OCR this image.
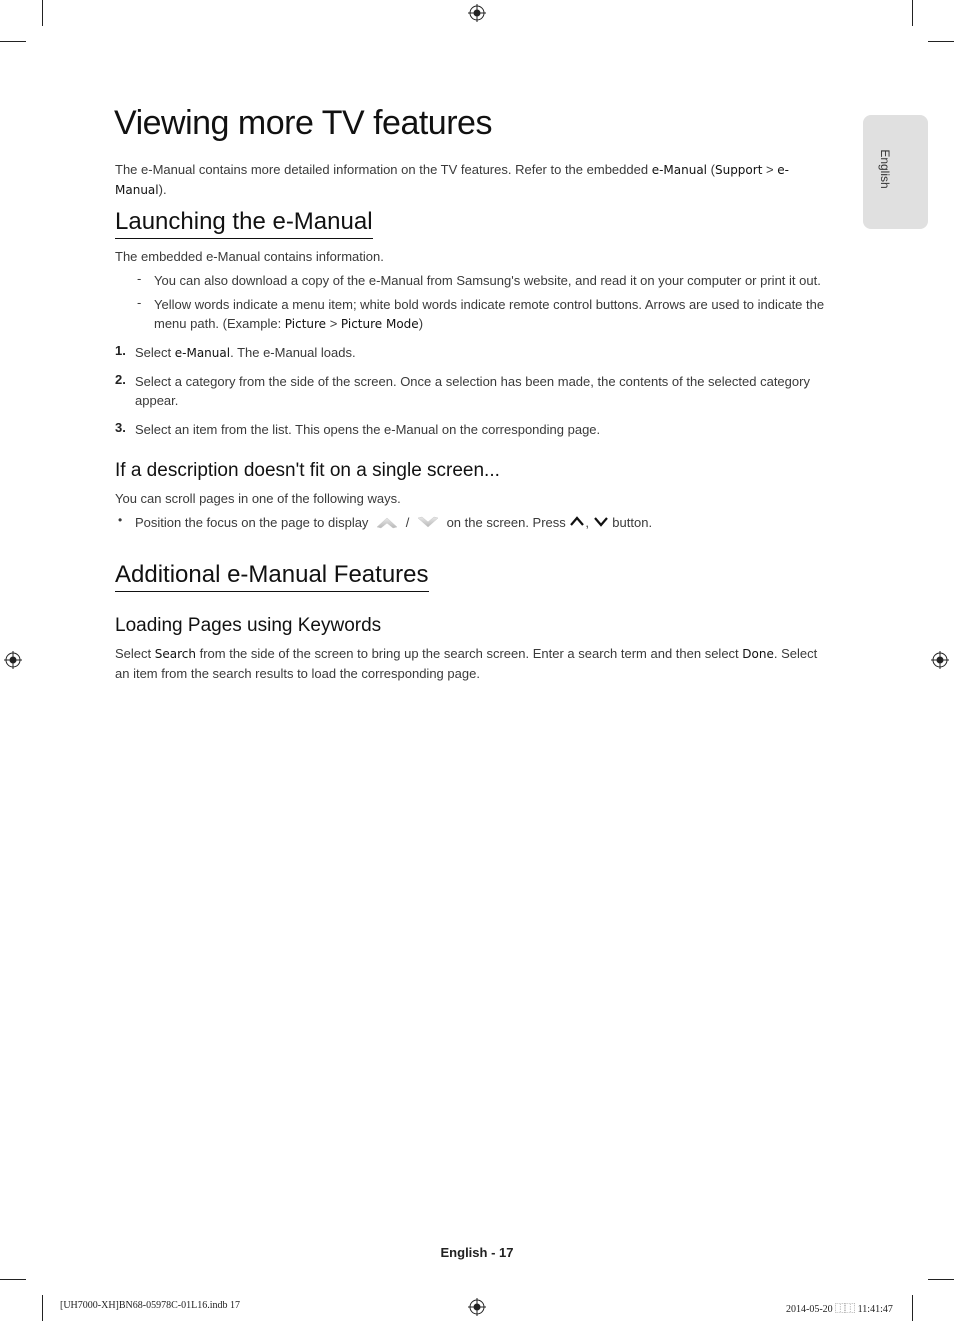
English
Viewing more TV features

The e-Manual contains more detailed information on the TV features. Refer to the embedded e-Manual (Support > e-Manual).

Launching the e-Manual

The embedded e-Manual contains information.

- You can also download a copy of the e-Manual from Samsung's website, and read it on your computer or print it out.

- Yellow words indicate a menu item; white bold words indicate remote control buttons. Arrows are used to indicate the menu path. (Example: Picture > Picture Mode)

1. Select e-Manual. The e-Manual loads.

2. Select a category from the side of the screen. Once a selection has been made, the contents of the selected category appear.

3. Select an item from the list. This opens the e-Manual on the corresponding page.

If a description doesn't fit on a single screen...

You can scroll pages in one of the following ways.

• Position the focus on the page to display	/	on the screen. Press , button.
Additional e-Manual Features
Loading Pages using Keywords

Select Search from the side of the screen to bring up the search screen. Enter a search term and then select Done. Select an item from the search results to load the corresponding page.

English - 17
[UH7000-XH]BN68-05978C-01L16.indb 17	2014-05-20 ⿰⿰ 11:41:47
